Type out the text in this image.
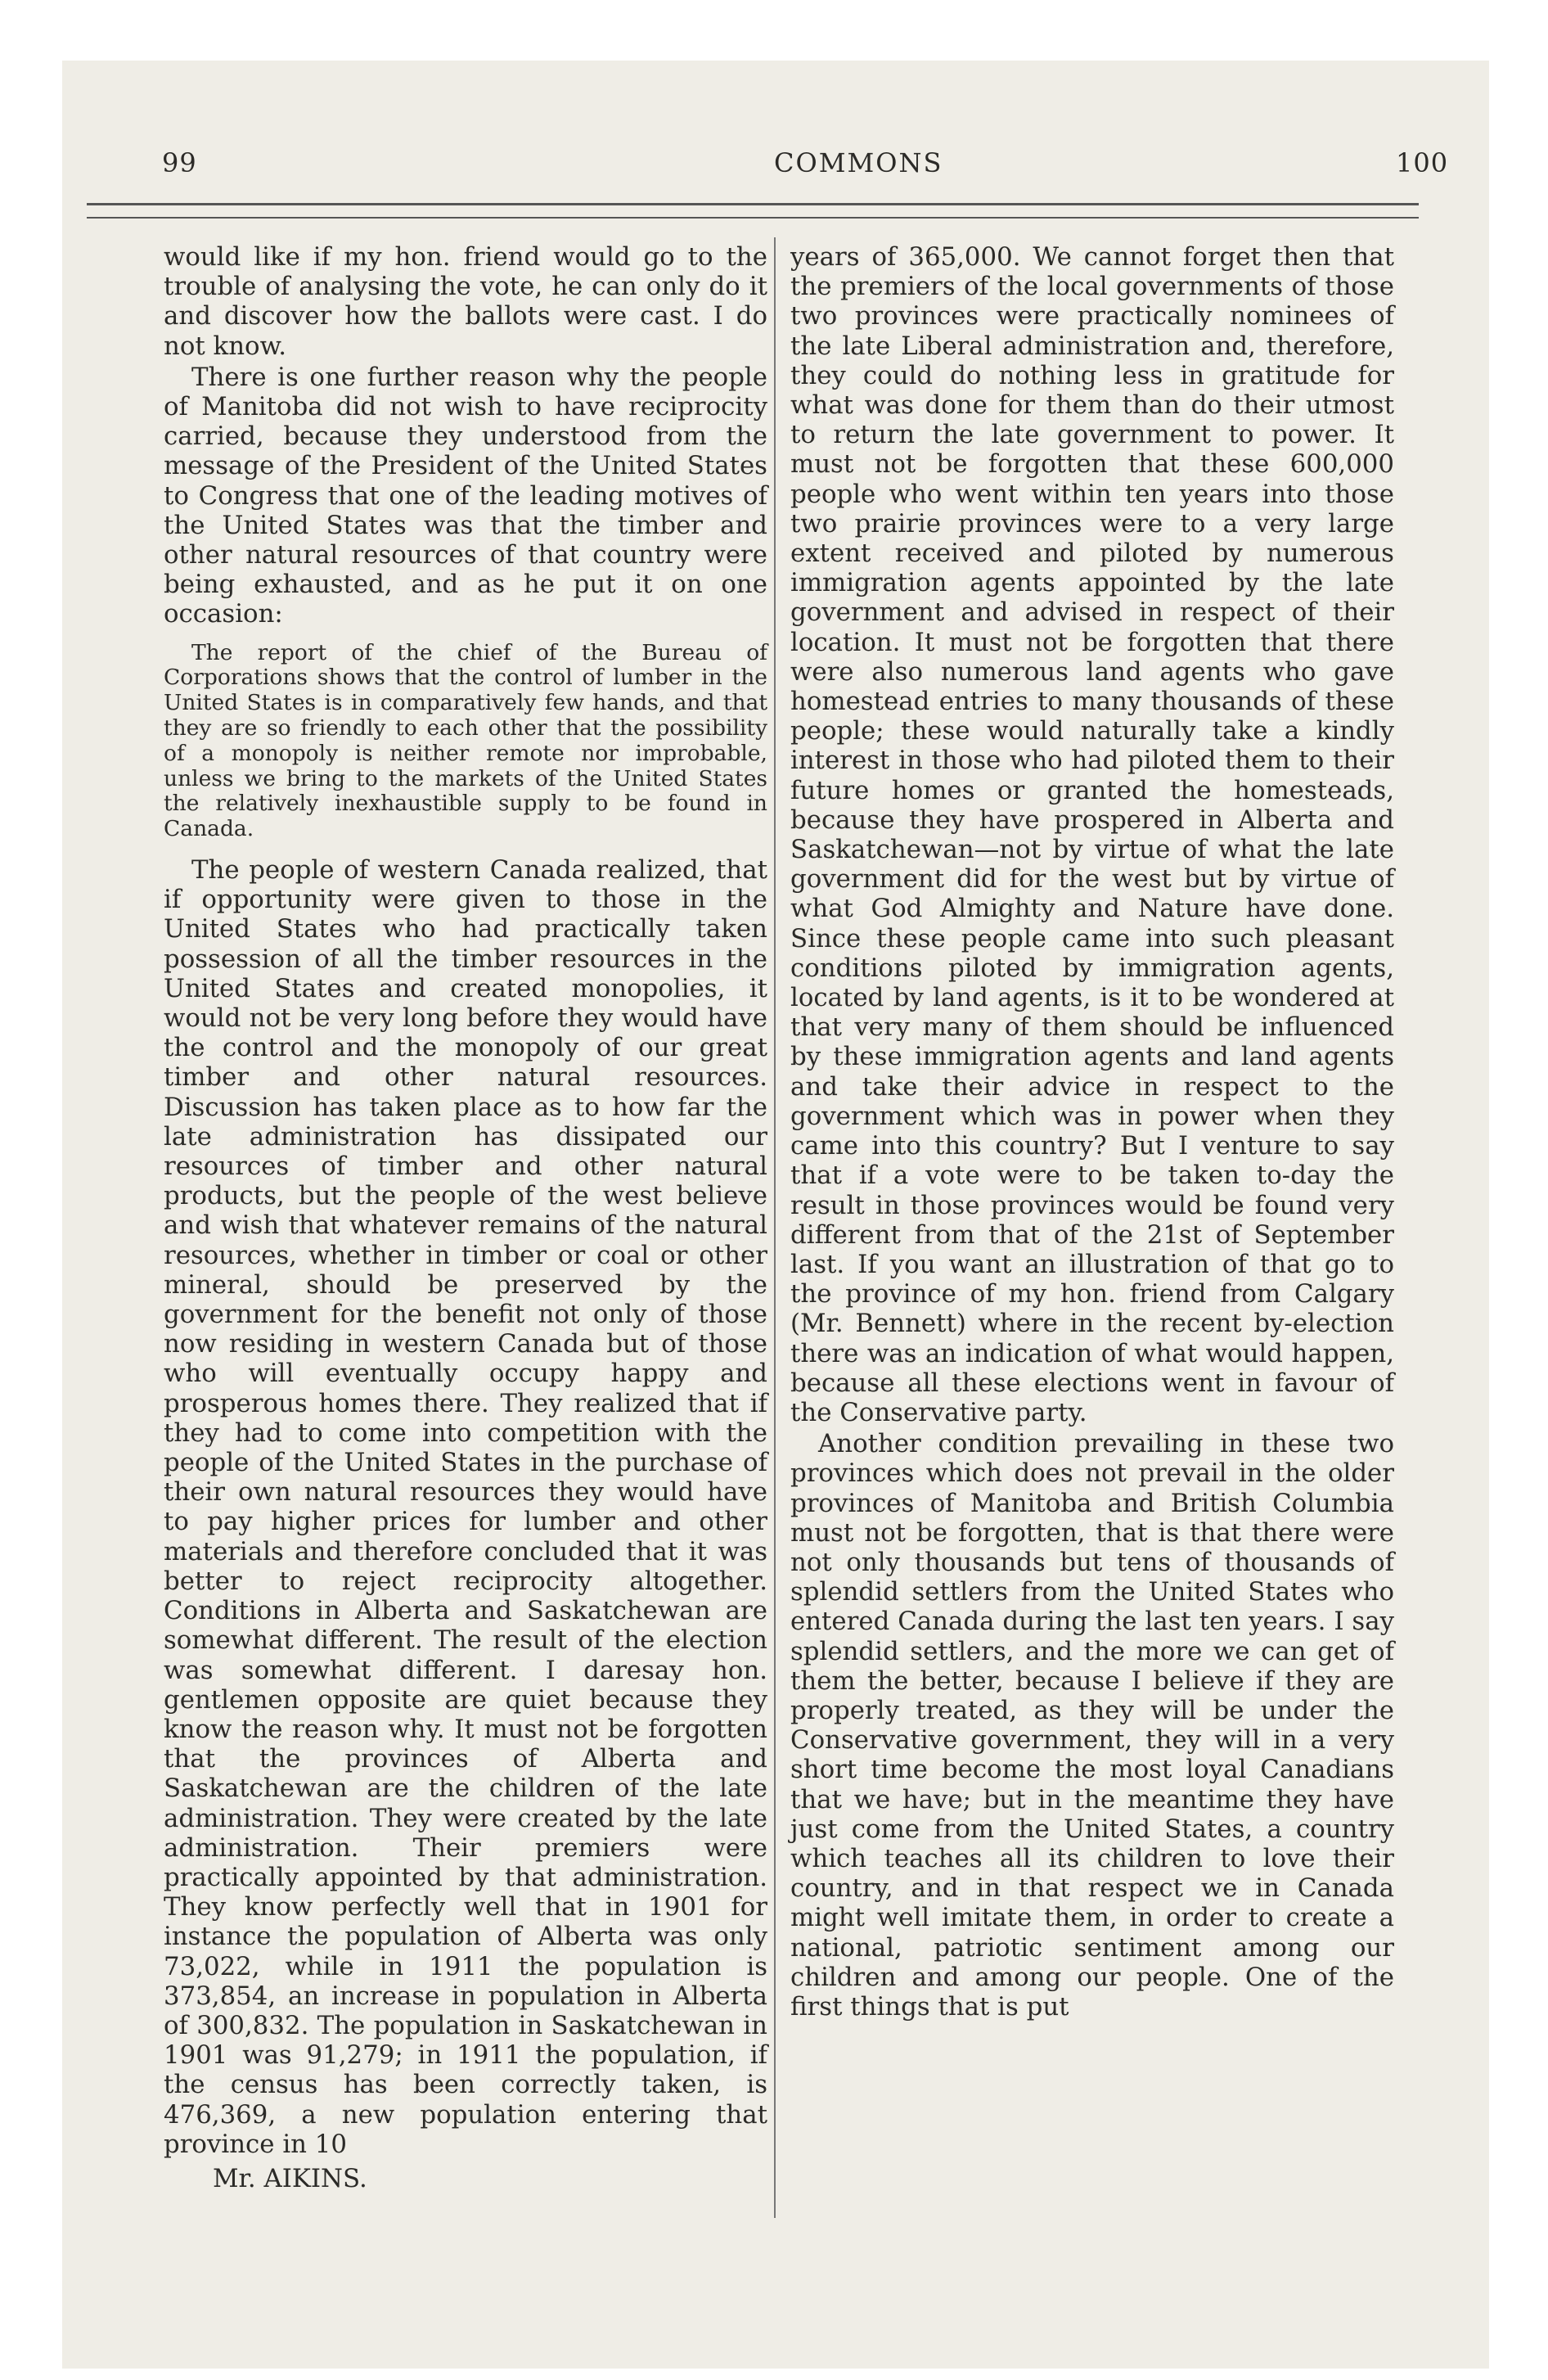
99	COMMONS	100

would like if my hon. friend would go to the trouble of analysing the vote, he can only do it and discover how the ballots were cast. I do not know.

There is one further reason why the people of Manitoba did not wish to have reciprocity carried, because they understood from the message of the President of the United States to Congress that one of the leading motives of the United States was that the timber and other natural resources of that country were being exhausted, and as he put it on one occasion:

The report of the chief of the Bureau of Corporations shows that the control of lumber in the United States is in comparatively few hands, and that they are so friendly to each other that the possibility of a monopoly is neither remote nor improbable, unless we bring to the markets of the United States the relatively inexhaustible supply to be found in Canada.

The people of western Canada realized, that if opportunity were given to those in the United States who had practically taken possession of all the timber resources in the United States and created monopolies, it would not be very long before they would have the control and the monopoly of our great timber and other natural resources. Discussion has taken place as to how far the late administration has dissipated our resources of timber and other natural products, but the people of the west believe and wish that whatever remains of the natural resources, whether in timber or coal or other mineral, should be preserved by the government for the benefit not only of those now residing in western Canada but of those who will eventually occupy happy and prosperous homes there. They realized that if they had to come into competition with the people of the United States in the purchase of their own natural resources they would have to pay higher prices for lumber and other materials and therefore concluded that it was better to reject reciprocity altogether. Conditions in Alberta and Saskatchewan are somewhat different. The result of the election was somewhat different. I daresay hon. gentlemen opposite are quiet because they know the reason why. It must not be forgotten that the provinces of Alberta and Saskatchewan are the children of the late administration. They were created by the late administration. Their premiers were practically appointed by that administration. They know perfectly well that in 1901 for instance the population of Alberta was only 73,022, while in 1911 the population is 373,854, an increase in population in Alberta of 300,832. The population in Saskatchewan in 1901 was 91,279; in 1911 the population, if the census has been correctly taken, is 476,369, a new population entering that province in 10

Mr. AIKINS.

years of 365,000. We cannot forget then that the premiers of the local governments of those two provinces were practically nominees of the late Liberal administration and, therefore, they could do nothing less in gratitude for what was done for them than do their utmost to return the late government to power. It must not be forgotten that these 600,000 people who went within ten years into those two prairie provinces were to a very large extent received and piloted by numerous immigration agents appointed by the late government and advised in respect of their location. It must not be forgotten that there were also numerous land agents who gave homestead entries to many thousands of these people; these would naturally take a kindly interest in those who had piloted them to their future homes or granted the homesteads, because they have prospered in Alberta and Saskatchewan—not by virtue of what the late government did for the west but by virtue of what God Almighty and Nature have done. Since these people came into such pleasant conditions piloted by immigration agents, located by land agents, is it to be wondered at that very many of them should be influenced by these immigration agents and land agents and take their advice in respect to the government which was in power when they came into this country? But I venture to say that if a vote were to be taken to-day the result in those provinces would be found very different from that of the 21st of September last. If you want an illustration of that go to the province of my hon. friend from Calgary (Mr. Bennett) where in the recent by-election there was an indication of what would happen, because all these elections went in favour of the Conservative party.

Another condition prevailing in these two provinces which does not prevail in the older provinces of Manitoba and British Columbia must not be forgotten, that is that there were not only thousands but tens of thousands of splendid settlers from the United States who entered Canada during the last ten years. I say splendid settlers, and the more we can get of them the better, because I believe if they are properly treated, as they will be under the Conservative government, they will in a very short time become the most loyal Canadians that we have; but in the meantime they have just come from the United States, a country which teaches all its children to love their country, and in that respect we in Canada might well imitate them, in order to create a national, patriotic sentiment among our children and among our people. One of the first things that is put
